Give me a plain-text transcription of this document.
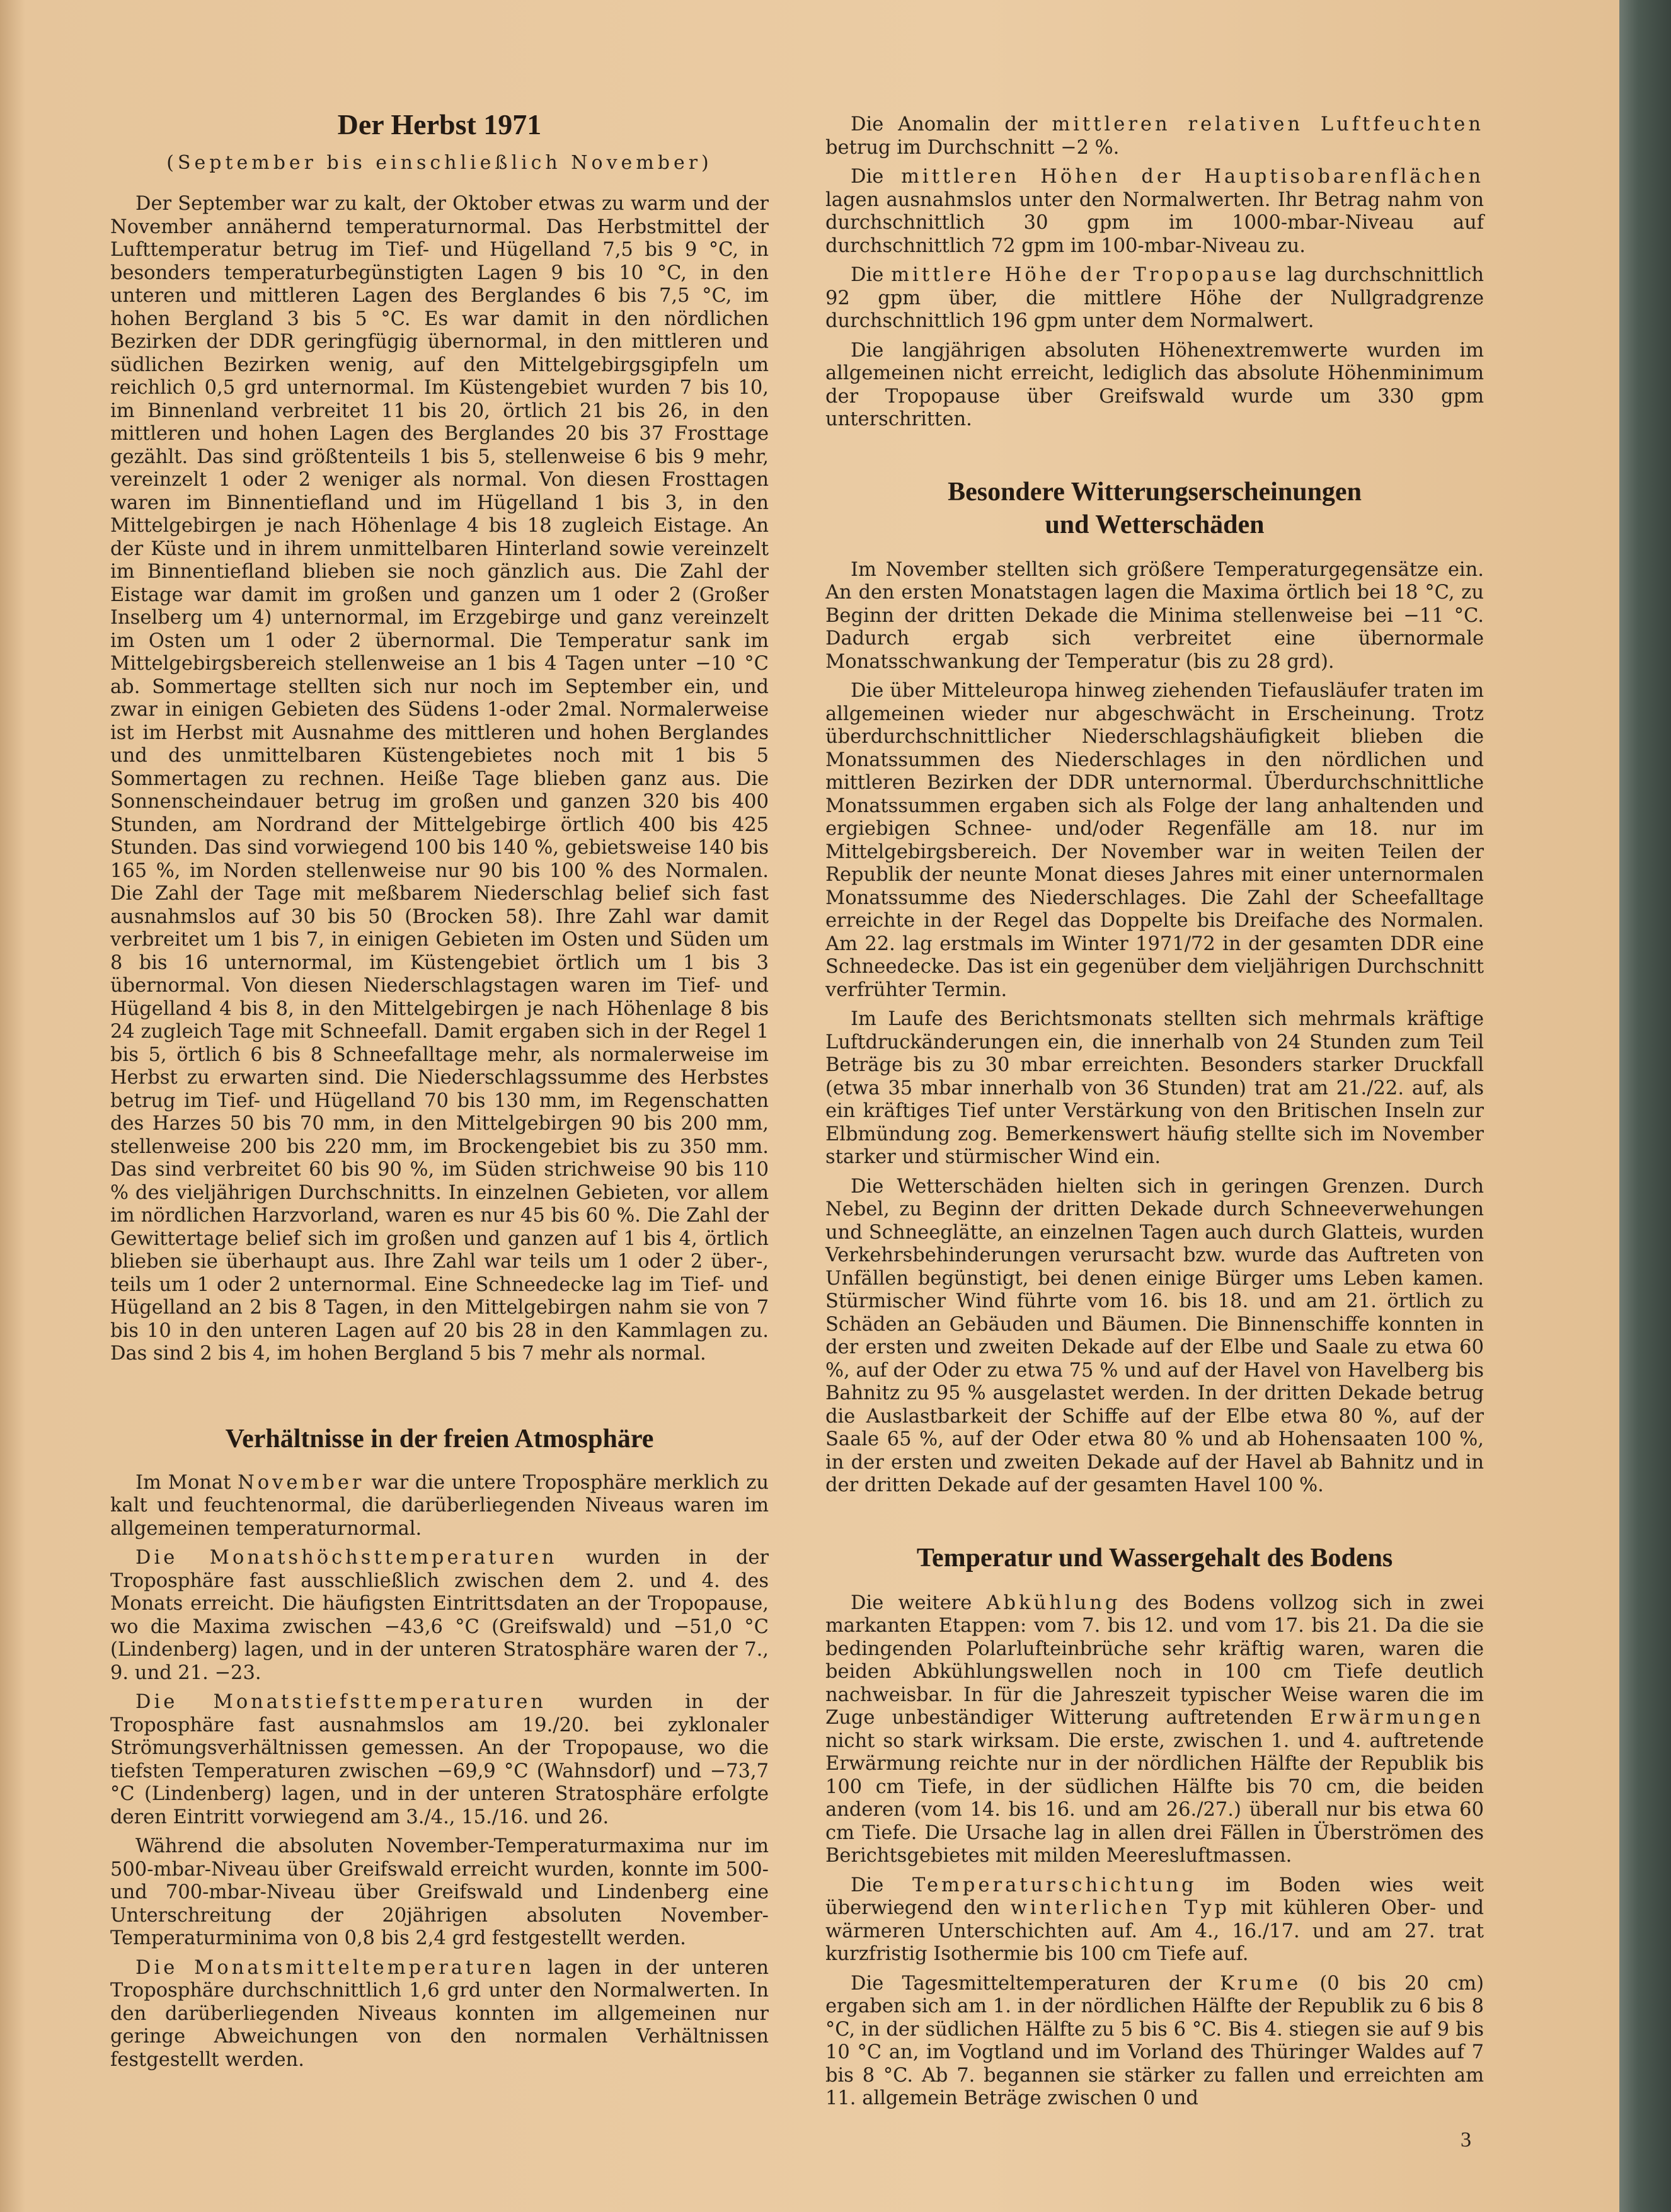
Der Herbst 1971
(September bis einschließlich November)

Der September war zu kalt, der Oktober etwas zu warm und der November annähernd temperaturnormal. Das Herbstmittel der Lufttemperatur betrug im Tief- und Hügelland 7,5 bis 9 °C, in besonders temperaturbegünstigten Lagen 9 bis 10 °C, in den unteren und mittleren Lagen des Berglandes 6 bis 7,5 °C, im hohen Bergland 3 bis 5 °C. Es war damit in den nördlichen Bezirken der DDR geringfügig übernormal, in den mittleren und südlichen Bezirken wenig, auf den Mittelgebirgsgipfeln um reichlich 0,5 grd unternormal. Im Küstengebiet wurden 7 bis 10, im Binnenland verbreitet 11 bis 20, örtlich 21 bis 26, in den mittleren und hohen Lagen des Berglandes 20 bis 37 Frosttage gezählt. Das sind größtenteils 1 bis 5, stellenweise 6 bis 9 mehr, vereinzelt 1 oder 2 weniger als normal. Von diesen Frosttagen waren im Binnentiefland und im Hügelland 1 bis 3, in den Mittelgebirgen je nach Höhenlage 4 bis 18 zugleich Eistage. An der Küste und in ihrem unmittelbaren Hinterland sowie vereinzelt im Binnentiefland blieben sie noch gänzlich aus. Die Zahl der Eistage war damit im großen und ganzen um 1 oder 2 (Großer Inselberg um 4) unternormal, im Erzgebirge und ganz vereinzelt im Osten um 1 oder 2 übernormal. Die Temperatur sank im Mittelgebirgsbereich stellenweise an 1 bis 4 Tagen unter −10 °C ab. Sommertage stellten sich nur noch im September ein, und zwar in einigen Gebieten des Südens 1-oder 2mal. Normalerweise ist im Herbst mit Ausnahme des mittleren und hohen Berglandes und des unmittelbaren Küstengebietes noch mit 1 bis 5 Sommertagen zu rechnen. Heiße Tage blieben ganz aus. Die Sonnenscheindauer betrug im großen und ganzen 320 bis 400 Stunden, am Nordrand der Mittelgebirge örtlich 400 bis 425 Stunden. Das sind vorwiegend 100 bis 140 %, gebietsweise 140 bis 165 %, im Norden stellenweise nur 90 bis 100 % des Normalen. Die Zahl der Tage mit meßbarem Niederschlag belief sich fast ausnahmslos auf 30 bis 50 (Brocken 58). Ihre Zahl war damit verbreitet um 1 bis 7, in einigen Gebieten im Osten und Süden um 8 bis 16 unternormal, im Küstengebiet örtlich um 1 bis 3 übernormal. Von diesen Niederschlagstagen waren im Tief- und Hügelland 4 bis 8, in den Mittelgebirgen je nach Höhenlage 8 bis 24 zugleich Tage mit Schneefall. Damit ergaben sich in der Regel 1 bis 5, örtlich 6 bis 8 Schneefalltage mehr, als normalerweise im Herbst zu erwarten sind. Die Niederschlagssumme des Herbstes betrug im Tief- und Hügelland 70 bis 130 mm, im Regenschatten des Harzes 50 bis 70 mm, in den Mittelgebirgen 90 bis 200 mm, stellenweise 200 bis 220 mm, im Brockengebiet bis zu 350 mm. Das sind verbreitet 60 bis 90 %, im Süden strichweise 90 bis 110 % des vieljährigen Durchschnitts. In einzelnen Gebieten, vor allem im nördlichen Harzvorland, waren es nur 45 bis 60 %. Die Zahl der Gewittertage belief sich im großen und ganzen auf 1 bis 4, örtlich blieben sie überhaupt aus. Ihre Zahl war teils um 1 oder 2 über-, teils um 1 oder 2 unternormal. Eine Schneedecke lag im Tief- und Hügelland an 2 bis 8 Tagen, in den Mittelgebirgen nahm sie von 7 bis 10 in den unteren Lagen auf 20 bis 28 in den Kammlagen zu. Das sind 2 bis 4, im hohen Bergland 5 bis 7 mehr als normal.

Verhältnisse in der freien Atmosphäre

Im Monat November war die untere Troposphäre merklich zu kalt und feuchtenormal, die darüberliegenden Niveaus waren im allgemeinen temperaturnormal.

Die Monatshöchsttemperaturen wurden in der Troposphäre fast ausschließlich zwischen dem 2. und 4. des Monats erreicht. Die häufigsten Eintrittsdaten an der Tropopause, wo die Maxima zwischen −43,6 °C (Greifswald) und −51,0 °C (Lindenberg) lagen, und in der unteren Stratosphäre waren der 7., 9. und 21. −23.

Die Monatstiefsttemperaturen wurden in der Troposphäre fast ausnahmslos am 19./20. bei zyklonaler Strömungsverhältnissen gemessen. An der Tropopause, wo die tiefsten Temperaturen zwischen −69,9 °C (Wahnsdorf) und −73,7 °C (Lindenberg) lagen, und in der unteren Stratosphäre erfolgte deren Eintritt vorwiegend am 3./4., 15./16. und 26.

Während die absoluten November-Temperaturmaxima nur im 500-mbar-Niveau über Greifswald erreicht wurden, konnte im 500- und 700-mbar-Niveau über Greifswald und Lindenberg eine Unterschreitung der 20jährigen absoluten November-Temperaturminima von 0,8 bis 2,4 grd festgestellt werden.

Die Monatsmitteltemperaturen lagen in der unteren Troposphäre durchschnittlich 1,6 grd unter den Normalwerten. In den darüberliegenden Niveaus konnten im allgemeinen nur geringe Abweichungen von den normalen Verhältnissen festgestellt werden.

Die Anomalin der mittleren relativen Luftfeuchten betrug im Durchschnitt −2 %.

Die mittleren Höhen der Hauptisobarenflächen lagen ausnahmslos unter den Normalwerten. Ihr Betrag nahm von durchschnittlich 30 gpm im 1000-mbar-Niveau auf durchschnittlich 72 gpm im 100-mbar-Niveau zu.

Die mittlere Höhe der Tropopause lag durchschnittlich 92 gpm über, die mittlere Höhe der Nullgradgrenze durchschnittlich 196 gpm unter dem Normalwert.

Die langjährigen absoluten Höhenextremwerte wurden im allgemeinen nicht erreicht, lediglich das absolute Höhenminimum der Tropopause über Greifswald wurde um 330 gpm unterschritten.

Besondere Witterungserscheinungen
und Wetterschäden

Im November stellten sich größere Temperaturgegensätze ein. An den ersten Monatstagen lagen die Maxima örtlich bei 18 °C, zu Beginn der dritten Dekade die Minima stellenweise bei −11 °C. Dadurch ergab sich verbreitet eine übernormale Monatsschwankung der Temperatur (bis zu 28 grd).

Die über Mitteleuropa hinweg ziehenden Tiefausläufer traten im allgemeinen wieder nur abgeschwächt in Erscheinung. Trotz überdurchschnittlicher Niederschlagshäufigkeit blieben die Monatssummen des Niederschlages in den nördlichen und mittleren Bezirken der DDR unternormal. Überdurchschnittliche Monatssummen ergaben sich als Folge der lang anhaltenden und ergiebigen Schnee- und/oder Regenfälle am 18. nur im Mittelgebirgsbereich. Der November war in weiten Teilen der Republik der neunte Monat dieses Jahres mit einer unternormalen Monatssumme des Niederschlages. Die Zahl der Scheefalltage erreichte in der Regel das Doppelte bis Dreifache des Normalen. Am 22. lag erstmals im Winter 1971/72 in der gesamten DDR eine Schneedecke. Das ist ein gegenüber dem vieljährigen Durchschnitt verfrühter Termin.

Im Laufe des Berichtsmonats stellten sich mehrmals kräftige Luftdruckänderungen ein, die innerhalb von 24 Stunden zum Teil Beträge bis zu 30 mbar erreichten. Besonders starker Druckfall (etwa 35 mbar innerhalb von 36 Stunden) trat am 21./22. auf, als ein kräftiges Tief unter Verstärkung von den Britischen Inseln zur Elbmündung zog. Bemerkenswert häufig stellte sich im November starker und stürmischer Wind ein.

Die Wetterschäden hielten sich in geringen Grenzen. Durch Nebel, zu Beginn der dritten Dekade durch Schneeverwehungen und Schneeglätte, an einzelnen Tagen auch durch Glatteis, wurden Verkehrsbehinderungen verursacht bzw. wurde das Auftreten von Unfällen begünstigt, bei denen einige Bürger ums Leben kamen. Stürmischer Wind führte vom 16. bis 18. und am 21. örtlich zu Schäden an Gebäuden und Bäumen. Die Binnenschiffe konnten in der ersten und zweiten Dekade auf der Elbe und Saale zu etwa 60 %, auf der Oder zu etwa 75 % und auf der Havel von Havelberg bis Bahnitz zu 95 % ausgelastet werden. In der dritten Dekade betrug die Auslastbarkeit der Schiffe auf der Elbe etwa 80 %, auf der Saale 65 %, auf der Oder etwa 80 % und ab Hohensaaten 100 %, in der ersten und zweiten Dekade auf der Havel ab Bahnitz und in der dritten Dekade auf der gesamten Havel 100 %.

Temperatur und Wassergehalt des Bodens

Die weitere Abkühlung des Bodens vollzog sich in zwei markanten Etappen: vom 7. bis 12. und vom 17. bis 21. Da die sie bedingenden Polarlufteinbrüche sehr kräftig waren, waren die beiden Abkühlungswellen noch in 100 cm Tiefe deutlich nachweisbar. In für die Jahreszeit typischer Weise waren die im Zuge unbeständiger Witterung auftretenden Erwärmungen nicht so stark wirksam. Die erste, zwischen 1. und 4. auftretende Erwärmung reichte nur in der nördlichen Hälfte der Republik bis 100 cm Tiefe, in der südlichen Hälfte bis 70 cm, die beiden anderen (vom 14. bis 16. und am 26./27.) überall nur bis etwa 60 cm Tiefe. Die Ursache lag in allen drei Fällen in Überströmen des Berichtsgebietes mit milden Meeresluftmassen.

Die Temperaturschichtung im Boden wies weit überwiegend den winterlichen Typ mit kühleren Ober- und wärmeren Unterschichten auf. Am 4., 16./17. und am 27. trat kurzfristig Isothermie bis 100 cm Tiefe auf.

Die Tagesmitteltemperaturen der Krume (0 bis 20 cm) ergaben sich am 1. in der nördlichen Hälfte der Republik zu 6 bis 8 °C, in der südlichen Hälfte zu 5 bis 6 °C. Bis 4. stiegen sie auf 9 bis 10 °C an, im Vogtland und im Vorland des Thüringer Waldes auf 7 bis 8 °C. Ab 7. begannen sie stärker zu fallen und erreichten am 11. allgemein Beträge zwischen 0 und

3
